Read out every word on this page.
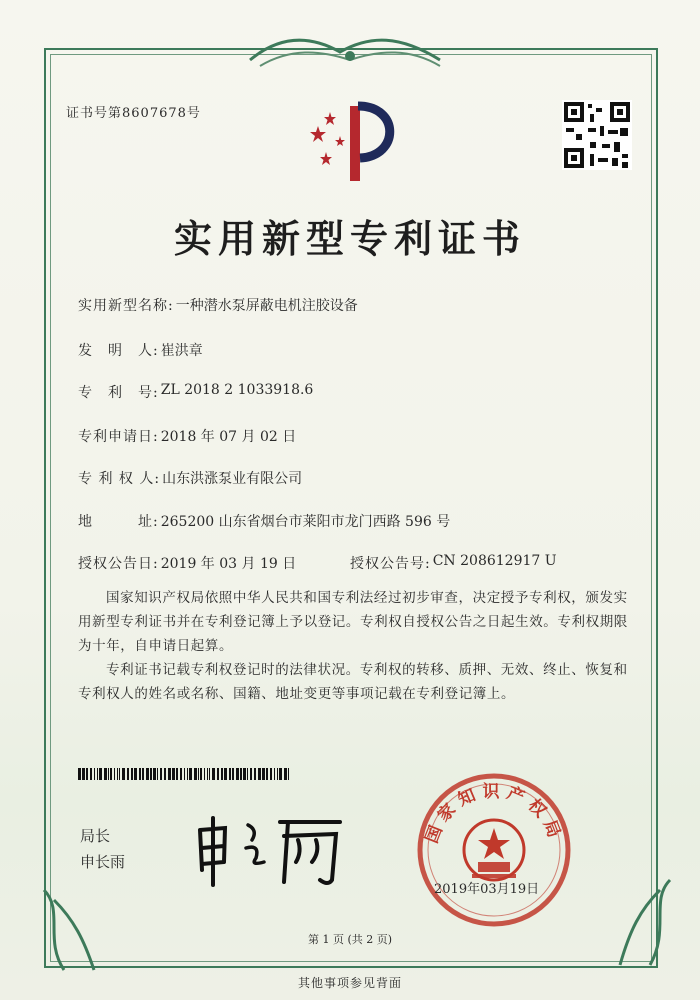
证书号第8607678号
实用新型专利证书
实用新型名称: 一种潜水泵屏蔽电机注胶设备
发　明　人: 崔洪章
专　利　号: ZL 2018 2 1033918.6
专利申请日: 2018 年 07 月 02 日
专 利 权 人: 山东洪涨泵业有限公司
地　　　址: 265200 山东省烟台市莱阳市龙门西路 596 号
授权公告日: 2019 年 03 月 19 日	授权公告号: CN 208612917 U
国家知识产权局依照中华人民共和国专利法经过初步审查，决定授予专利权，颁发实用新型专利证书并在专利登记簿上予以登记。专利权自授权公告之日起生效。专利权期限为十年，自申请日起算。
专利证书记载专利权登记时的法律状况。专利权的转移、质押、无效、终止、恢复和专利权人的姓名或名称、国籍、地址变更等事项记载在专利登记簿上。
局长
申长雨
国家知识产权局
2019年03月19日
第 1 页 (共 2 页)
其他事项参见背面
